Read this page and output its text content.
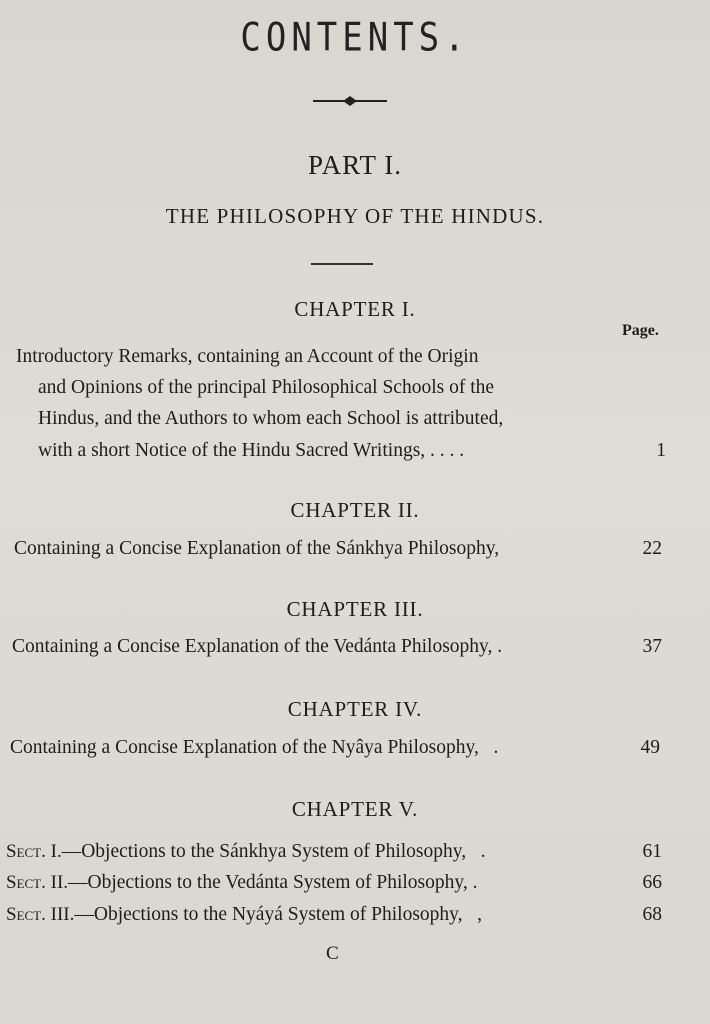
CONTENTS.
PART I.
THE PHILOSOPHY OF THE HINDUS.
CHAPTER I.
Page.
Introductory Remarks, containing an Account of the Origin
and Opinions of the principal Philosophical Schools of the
Hindus, and the Authors to whom each School is attributed,
with a short Notice of the Hindu Sacred Writings, . . . .	1
CHAPTER II.
Containing a Concise Explanation of the Sánkhya Philosophy,	22
CHAPTER III.
Containing a Concise Explanation of the Vedánta Philosophy, .	37
CHAPTER IV.
Containing a Concise Explanation of the Nyâya Philosophy,   .	49
CHAPTER V.
Sect. I.—Objections to the Sánkhya System of Philosophy,   .	61
Sect. II.—Objections to the Vedánta System of Philosophy, .	66
Sect. III.—Objections to the Nyáyá System of Philosophy,   ,	68
C
